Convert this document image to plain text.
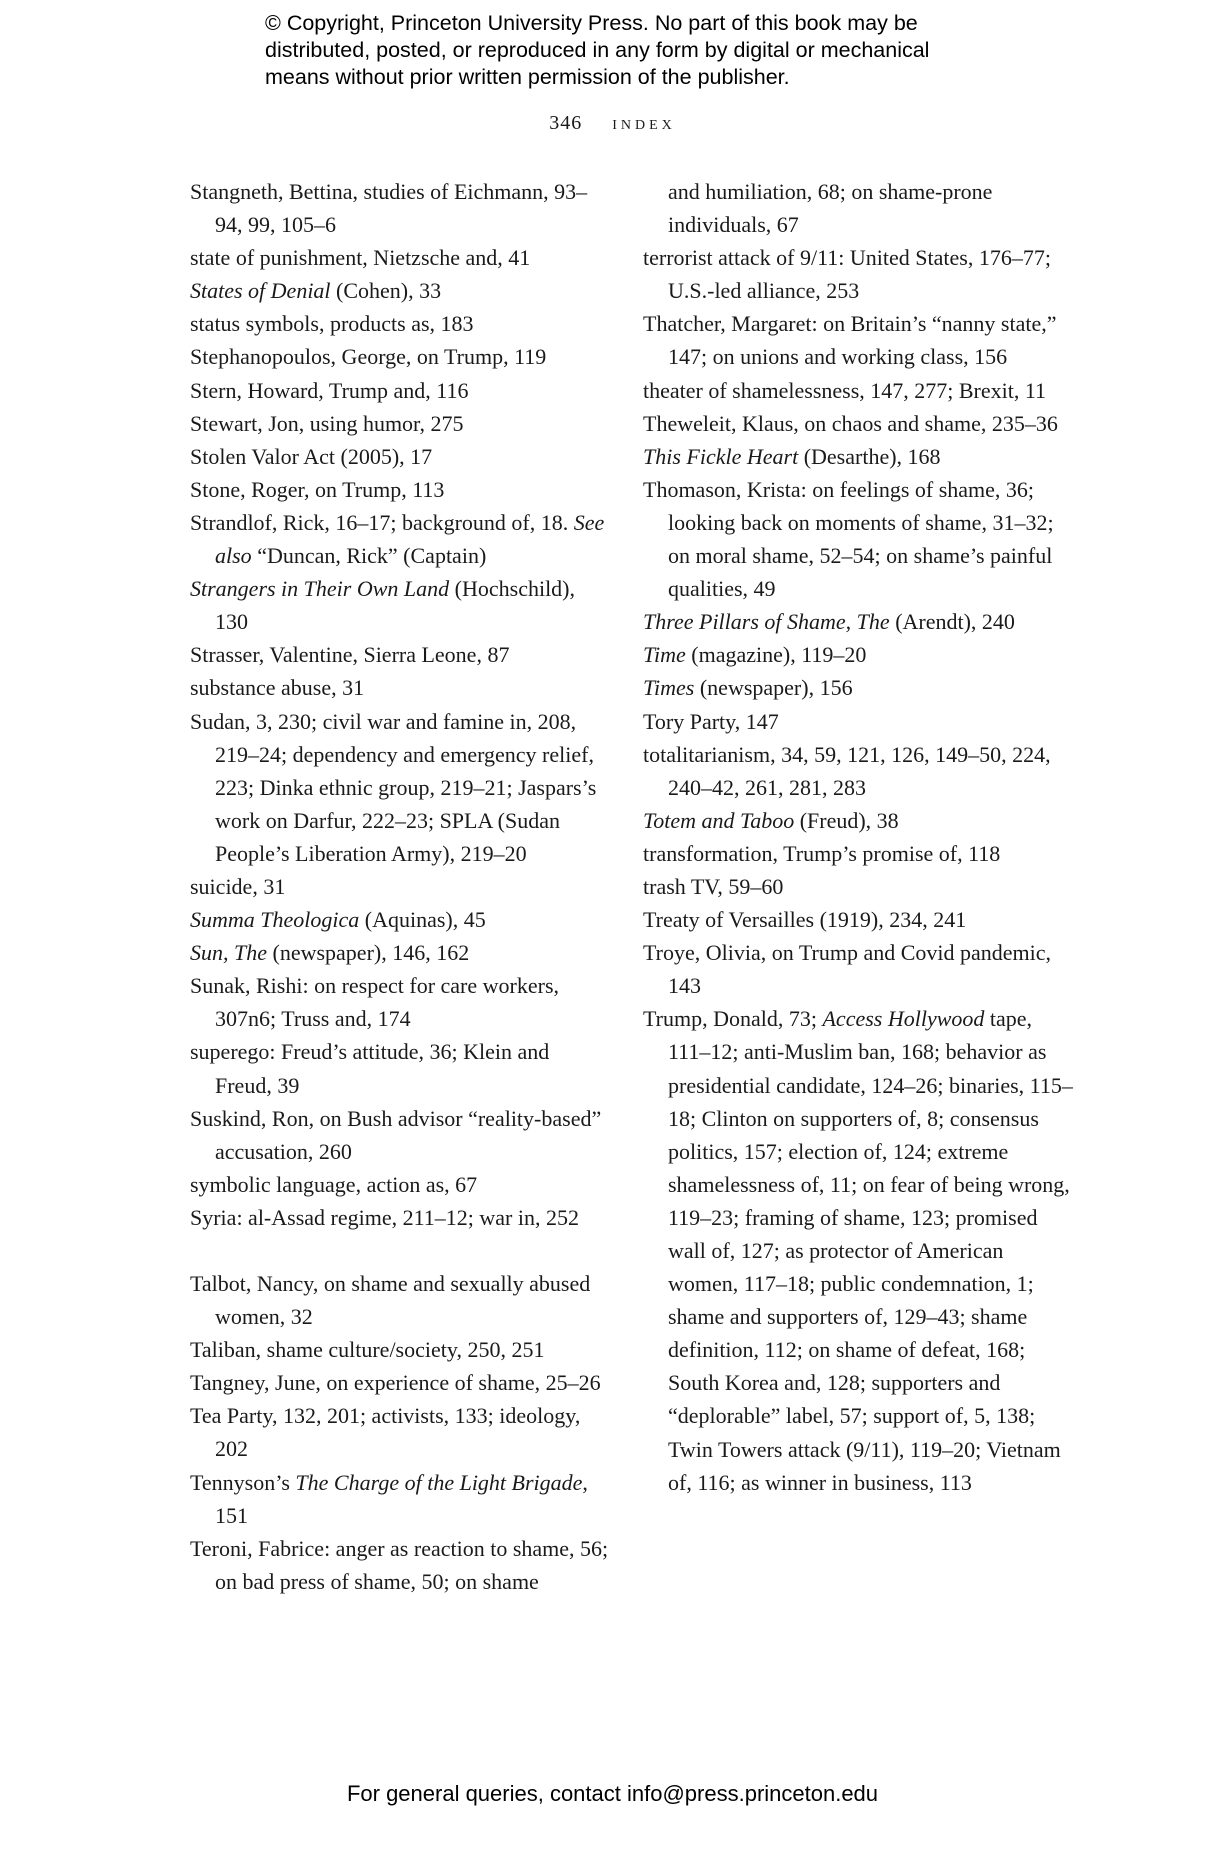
© Copyright, Princeton University Press. No part of this book may be
distributed, posted, or reproduced in any form by digital or mechanical
means without prior written permission of the publisher.
346 index

Stangneth, Bettina, studies of Eichmann, 93–94, 99, 105–6

state of punishment, Nietzsche and, 41

States of Denial (Cohen), 33

status symbols, products as, 183

Stephanopoulos, George, on Trump, 119

Stern, Howard, Trump and, 116

Stewart, Jon, using humor, 275

Stolen Valor Act (2005), 17

Stone, Roger, on Trump, 113

Strandlof, Rick, 16–17; background of, 18. See also “Duncan, Rick” (Captain)

Strangers in Their Own Land (Hochschild), 130

Strasser, Valentine, Sierra Leone, 87

substance abuse, 31

Sudan, 3, 230; civil war and famine in, 208, 219–24; dependency and emergency relief, 223; Dinka ethnic group, 219–21; Jaspars’s work on Darfur, 222–23; SPLA (Sudan People’s Liberation Army), 219–20

suicide, 31

Summa Theologica (Aquinas), 45

Sun, The (newspaper), 146, 162

Sunak, Rishi: on respect for care workers, 307n6; Truss and, 174

superego: Freud’s attitude, 36; Klein and Freud, 39

Suskind, Ron, on Bush advisor “reality-based” accusation, 260

symbolic language, action as, 67

Syria: al-Assad regime, 211–12; war in, 252

Talbot, Nancy, on shame and sexually abused women, 32

Taliban, shame culture/society, 250, 251

Tangney, June, on experience of shame, 25–26

Tea Party, 132, 201; activists, 133; ideology, 202

Tennyson’s The Charge of the Light Brigade, 151

Teroni, Fabrice: anger as reaction to shame, 56; on bad press of shame, 50; on shame

and humiliation, 68; on shame-prone individuals, 67

terrorist attack of 9/11: United States, 176–77; U.S.-led alliance, 253

Thatcher, Margaret: on Britain’s “nanny state,” 147; on unions and working class, 156

theater of shamelessness, 147, 277; Brexit, 11

Theweleit, Klaus, on chaos and shame, 235–36

This Fickle Heart (Desarthe), 168

Thomason, Krista: on feelings of shame, 36; looking back on moments of shame, 31–32; on moral shame, 52–54; on shame’s painful qualities, 49

Three Pillars of Shame, The (Arendt), 240

Time (magazine), 119–20

Times (newspaper), 156

Tory Party, 147

totalitarianism, 34, 59, 121, 126, 149–50, 224, 240–42, 261, 281, 283

Totem and Taboo (Freud), 38

transformation, Trump’s promise of, 118

trash TV, 59–60

Treaty of Versailles (1919), 234, 241

Troye, Olivia, on Trump and Covid pandemic, 143

Trump, Donald, 73; Access Hollywood tape, 111–12; anti-Muslim ban, 168; behavior as presidential candidate, 124–26; binaries, 115–18; Clinton on supporters of, 8; consensus politics, 157; election of, 124; extreme shamelessness of, 11; on fear of being wrong, 119–23; framing of shame, 123; promised wall of, 127; as protector of American women, 117–18; public condemnation, 1; shame and supporters of, 129–43; shame definition, 112; on shame of defeat, 168; South Korea and, 128; supporters and “deplorable” label, 57; support of, 5, 138; Twin Towers attack (9/11), 119–20; Vietnam of, 116; as winner in business, 113

For general queries, contact info@press.princeton.edu
